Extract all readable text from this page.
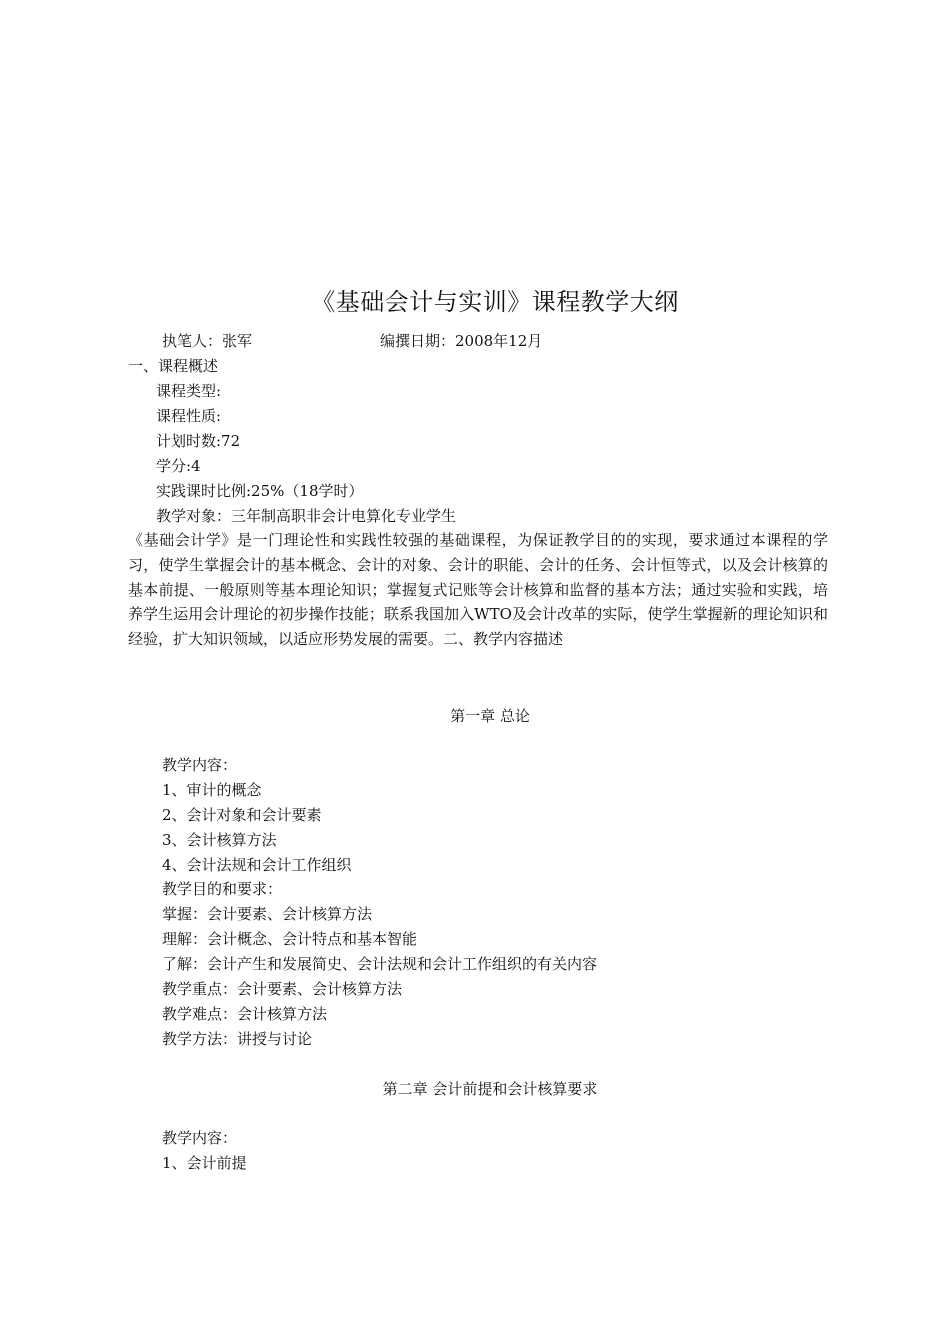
《基础会计与实训》课程教学大纲
执笔人：张军	编撰日期：2008年12月
一、课程概述
课程类型:
课程性质:
计划时数:72
学分:4
实践课时比例:25%（18学时）
教学对象：三年制高职非会计电算化专业学生
《基础会计学》是一门理论性和实践性较强的基础课程，为保证教学目的的实现，要求通过本课程的学习，使学生掌握会计的基本概念、会计的对象、会计的职能、会计的任务、会计恒等式，以及会计核算的基本前提、一般原则等基本理论知识；掌握复式记账等会计核算和监督的基本方法；通过实验和实践，培养学生运用会计理论的初步操作技能；联系我国加入WTO及会计改革的实际，使学生掌握新的理论知识和经验，扩大知识领域，以适应形势发展的需要。二、教学内容描述
第一章 总论
教学内容：
1、审计的概念
2、会计对象和会计要素
3、会计核算方法
4、会计法规和会计工作组织
教学目的和要求：
掌握：会计要素、会计核算方法
理解：会计概念、会计特点和基本智能
了解：会计产生和发展简史、会计法规和会计工作组织的有关内容
教学重点：会计要素、会计核算方法
教学难点：会计核算方法
教学方法：讲授与讨论
第二章 会计前提和会计核算要求
教学内容：
1、会计前提
